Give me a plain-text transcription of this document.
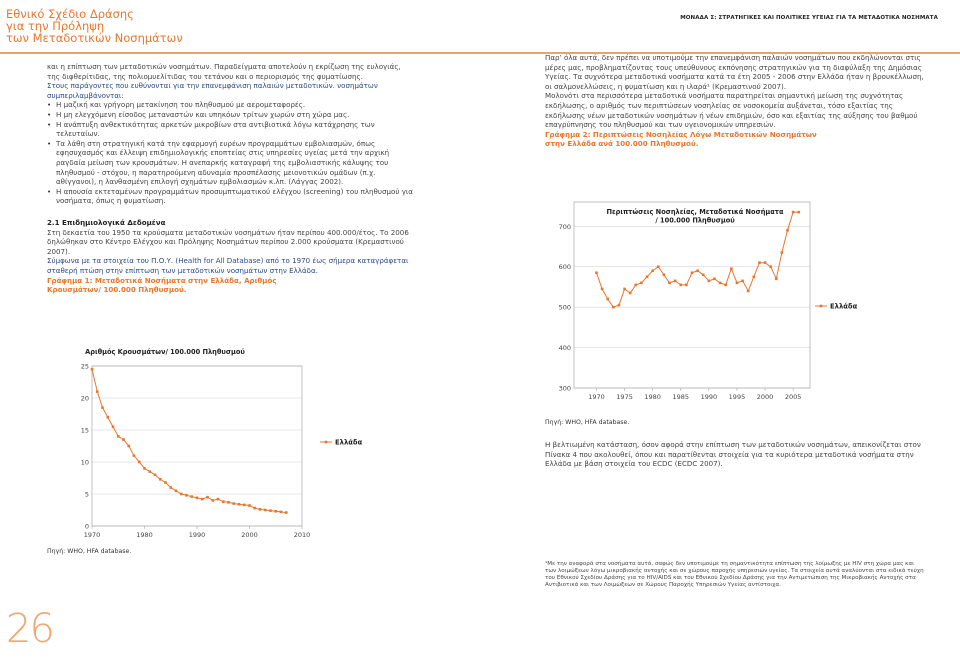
Εθνικό Σχέδιο Δράσης
για την Πρόληψη
των Μεταδοτικών Νοσημάτων
ΜΟΝΑΔΑ Σ: ΣΤΡΑΤΗΓΙΚΕΣ ΚΑΙ ΠΟΛΙΤΙΚΕΣ ΥΓΕΙΑΣ ΓΙΑ ΤΑ ΜΕΤΑΔΟΤΙΚΑ ΝΟΣΗΜΑΤΑ

και η επίπτωση των μεταδοτικών νοσημάτων. Παραδείγματα αποτελούν η εκρίζωση της ευλογιάς, της διφθερίτιδας, της πολιομυελίτιδας του τετάνου και ο περιορισμός της φυματίωσης.

Στους παράγοντες που ευθύνονται για την επανεμφάνιση παλαιών μεταδοτικών. νοσημάτων συμπεριλαμβάνονται:

• Η μαζική και γρήγορη μετακίνηση του πληθυσμού με αερομεταφορές.
• Η μη ελεγχόμενη είσοδος μεταναστών και υπηκόων τρίτων χωρών στη χώρα μας.
• Η ανάπτυξη ανθεκτικότητας αρκετών μικροβίων στα αντιβιοτικά λόγω κατάχρησης των τελευταίων.
• Τα λάθη στη στρατηγική κατά την εφαρμογή ευρέων προγραμμάτων εμβολιασμών, όπως εφησυχασμός και έλλειψη επιδημιολογικής εποπτείας στις υπηρεσίες υγείας μετά την αρχική ραγδαία μείωση των κρουσμάτων. Η ανεπαρκής καταγραφή της εμβολιαστικής κάλυψης του πληθυσμού - στόχου, η παρατηρούμενη αδυναμία προσπέλασης μειονοτικών ομάδων (π.χ. αθίγγανοι), η λανθασμένη επιλογή σχημάτων εμβολιασμών κ.λπ. (Λάγγας 2002).
• Η απουσία εκτεταμένων προγραμμάτων προσυμπτωματικού ελέγχου (screening) του πληθυσμού για νοσήματα, όπως η φυματίωση.

2.1 Επιδημιολογικά Δεδομένα

Στη δεκαετία του 1950 τα κρούσματα μεταδοτικών νοσημάτων ήταν περίπου 400.000/έτος. Το 2006 δηλώθηκαν στο Κέντρο Ελέγχου και Πρόληψης Νοσημάτων περίπου 2.000 κρούσματα (Κρεμαστινού 2007).

Σύμφωνα με τα στοιχεία του Π.Ο.Υ. (Health for All Database) από το 1970 έως σήμερα καταγράφεται σταθερή πτώση στην επίπτωση των μεταδοτικών νοσημάτων στην Ελλάδα.

Γράφημα 1: Μεταδοτικά Νοσήματα στην Ελλάδα, Αριθμός Κρουσμάτων/ 100.000 Πληθυσμού.

0
5
10
15
20
25
1970	1980	1990	2000	2010
Ελλάδα
Αριθμός Κρουσμάτων/ 100.000 Πληθυσμού
Πηγή: WHO, HFA database.

Παρ’ όλα αυτά, δεν πρέπει να υποτιμούμε την επανεμφάνιση παλαιών νοσημάτων που εκδηλώνονται στις μέρες μας, προβληματίζοντας τους υπεύθυνους εκπόνησης στρατηγικών για τη διαφύλαξη της Δημόσιας Υγείας. Τα συχνότερα μεταδοτικά νοσήματα κατά τα έτη 2005 - 2006 στην Ελλάδα ήταν η βρουκέλλωση, οι σαλμονελλώσεις, η φυματίωση και η ιλαρά¹ (Κρεμαστινού 2007).

Μολονότι στα περισσότερα μεταδοτικά νοσήματα παρατηρείται σημαντική μείωση της συχνότητας εκδήλωσης, ο αριθμός των περιπτώσεων νοσηλείας σε νοσοκομεία αυξάνεται, τόσο εξαιτίας της εκδήλωσης νέων μεταδοτικών νοσημάτων ή νέων επιδημιών, όσο και εξαιτίας της αύξησης του βαθμού επαγρύπνησης του πληθυσμού και των υγειονομικών υπηρεσιών.

Γράφημα 2: Περιπτώσεις Νοσηλείας Λόγω Μεταδοτικών Νοσημάτων στην Ελλάδα ανά 100.000 Πληθυσμού.

300
400
500
600
700
1970 1975 1980 1985 1990 1995 2000 2005
Ελλάδα
Περιπτώσεις Νοσηλείας, Μεταδοτικά Νοσήματα
/ 100.000 Πληθυσμού
Πηγή: WHO, HFA database.

Η βελτιωμένη κατάσταση, όσον αφορά στην επίπτωση των μεταδοτικών νοσημάτων, απεικονίζεται στον Πίνακα 4 που ακολουθεί, όπου και παρατίθενται στοιχεία για τα κυριότερα μεταδοτικά νοσήματα στην Ελλάδα με βάση στοιχεία του ECDC (ECDC 2007).

¹Με την αναφορά στα νοσήματα αυτά, σαφώς δεν υποτιμούμε τη σημαντικότητα επίπτωση της λοίμωξης με HIV στη χώρα μας και των λοιμώξεων λόγω μικροβιακής αντοχής και σε χώρους παροχής υπηρεσιών υγείας. Τα στοιχεία αυτά αναλύονται στα ειδικά τεύχη του Εθνικού Σχεδίου Δράσης για το HIV/AIDS και του Εθνικού Σχεδίου Δράσης για την Αντιμετώπιση της Μικροβιακής Αντοχής στα Αντιβιοτικά και των Λοιμώξεων σε Χώρους Παροχής Υπηρεσιών Υγείας αντίστοιχα.
26
